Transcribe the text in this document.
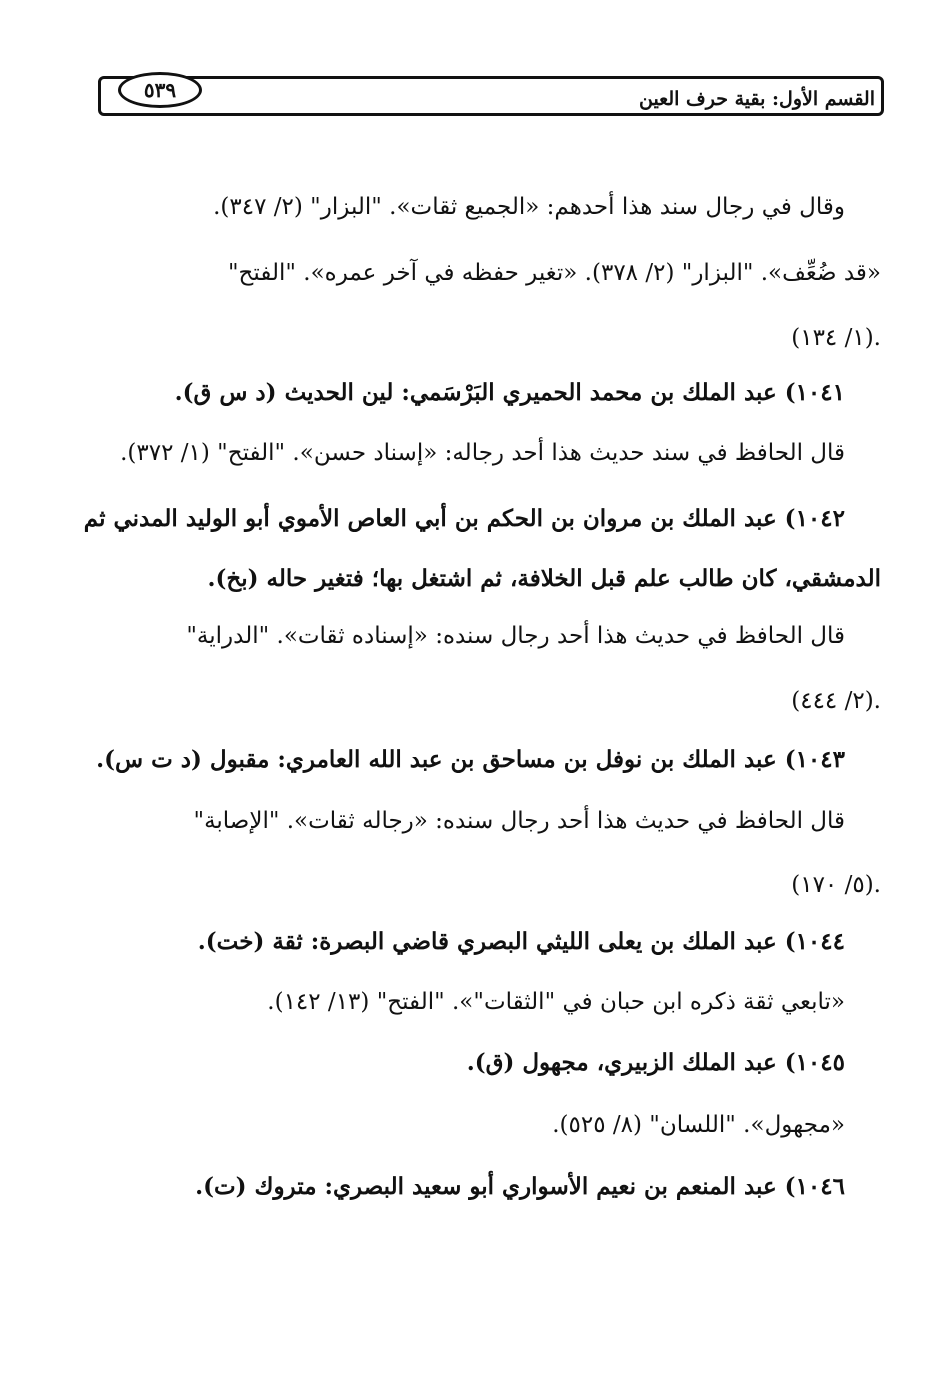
٥٣٩	القسم الأول: بقية حرف العين
وقال في رجال سند هذا أحدهم: «الجميع ثقات». "البزار" (٢/ ٣٤٧).
«قد ضُعِّف». "البزار" (٢/ ٣٧٨). «تغير حفظه في آخر عمره». "الفتح"
(١/ ١٣٤).
١٠٤١) عبد الملك بن محمد الحميري البَرْسَمي: لين الحديث (د س ق).
قال الحافظ في سند حديث هذا أحد رجاله: «إسناد حسن». "الفتح" (١/ ٣٧٢).
١٠٤٢) عبد الملك بن مروان بن الحكم بن أبي العاص الأموي أبو الوليد المدني ثم
الدمشقي، كان طالب علم قبل الخلافة، ثم اشتغل بها؛ فتغير حاله (بخ).
قال الحافظ في حديث هذا أحد رجال سنده: «إسناده ثقات». "الدراية"
(٢/ ٤٤٤).
١٠٤٣) عبد الملك بن نوفل بن مساحق بن عبد الله العامري: مقبول (د ت س).
قال الحافظ في حديث هذا أحد رجال سنده: «رجاله ثقات». "الإصابة"
(٥/ ١٧٠).
١٠٤٤) عبد الملك بن يعلى الليثي البصري قاضي البصرة: ثقة (خت).
«تابعي ثقة ذكره ابن حبان في "الثقات"». "الفتح" (١٣/ ١٤٢).
١٠٤٥) عبد الملك الزبيري، مجهول (ق).
«مجهول». "اللسان" (٨/ ٥٢٥).
١٠٤٦) عبد المنعم بن نعيم الأسواري أبو سعيد البصري: متروك (ت).
